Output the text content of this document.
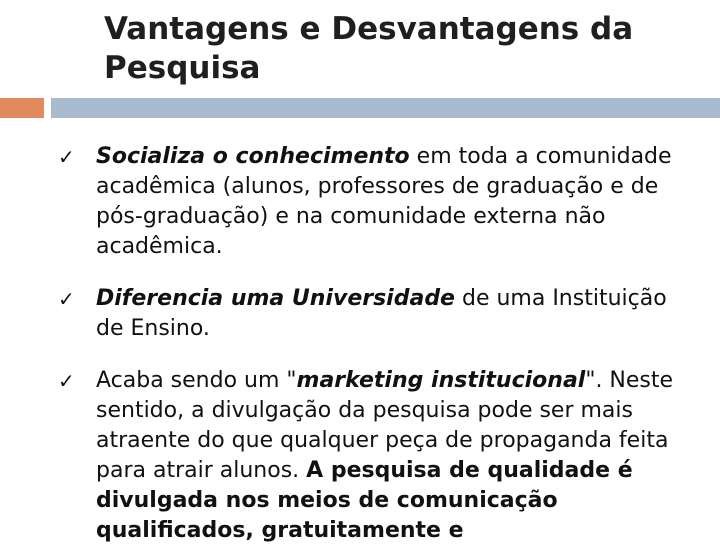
Vantagens e Desvantagens da
Pesquisa
✓ Socializa o conhecimento em toda a comunidade acadêmica (alunos, professores de graduação e de pós-graduação) e na comunidade externa não acadêmica.
✓ Diferencia uma Universidade de uma Instituição de Ensino.
✓ Acaba sendo um "marketing institucional". Neste sentido, a divulgação da pesquisa pode ser mais atraente do que qualquer peça de propaganda feita para atrair alunos. A pesquisa de qualidade é divulgada nos meios de comunicação qualificados, gratuitamente e
